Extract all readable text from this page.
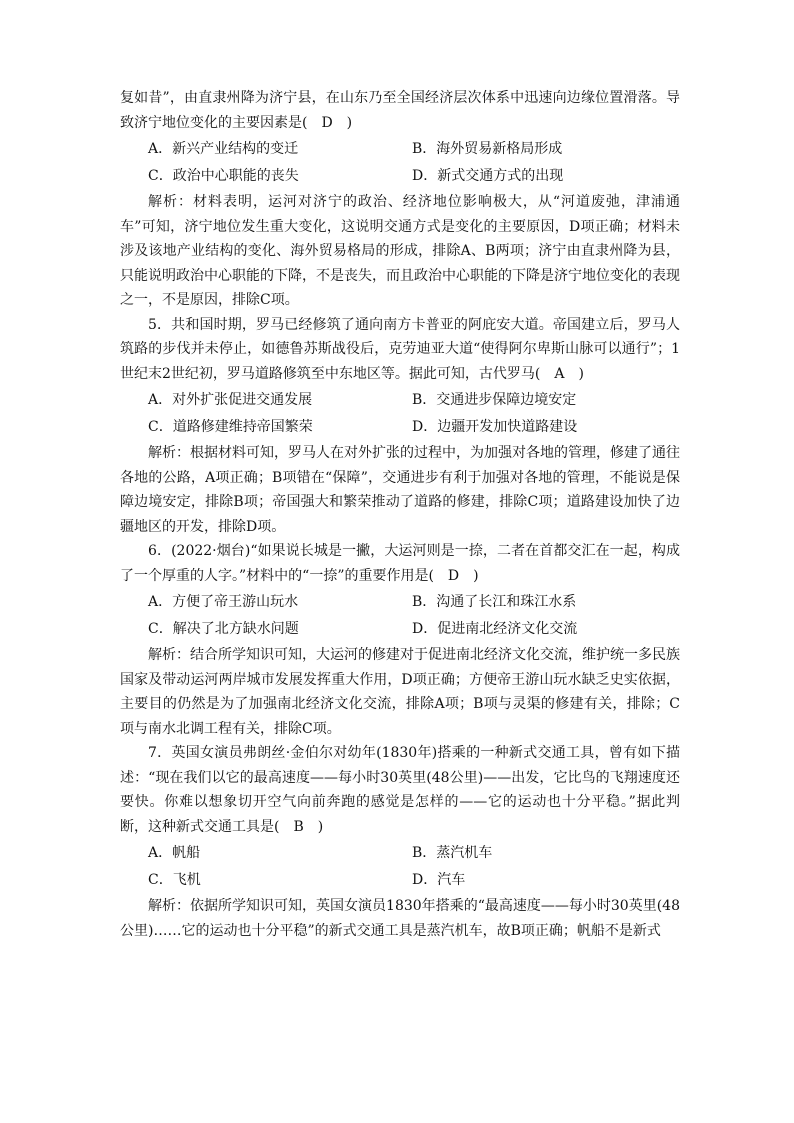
复如昔”，由直隶州降为济宁县，在山东乃至全国经济层次体系中迅速向边缘位置滑落。导致济宁地位变化的主要因素是(　D　)

A．新兴产业结构的变迁	B．海外贸易新格局形成
C．政治中心职能的丧失	D．新式交通方式的出现

解析：材料表明，运河对济宁的政治、经济地位影响极大，从“河道废弛，津浦通车”可知，济宁地位发生重大变化，这说明交通方式是变化的主要原因，D项正确；材料未涉及该地产业结构的变化、海外贸易格局的形成，排除A、B两项；济宁由直隶州降为县，只能说明政治中心职能的下降，不是丧失，而且政治中心职能的下降是济宁地位变化的表现之一，不是原因，排除C项。

5．共和国时期，罗马已经修筑了通向南方卡普亚的阿庇安大道。帝国建立后，罗马人筑路的步伐并未停止，如德鲁苏斯战役后，克劳迪亚大道“使得阿尔卑斯山脉可以通行”；1世纪末2世纪初，罗马道路修筑至中东地区等。据此可知，古代罗马(　A　)

A．对外扩张促进交通发展	B．交通进步保障边境安定
C．道路修建维持帝国繁荣	D．边疆开发加快道路建设

解析：根据材料可知，罗马人在对外扩张的过程中，为加强对各地的管理，修建了通往各地的公路，A项正确；B项错在“保障”，交通进步有利于加强对各地的管理，不能说是保障边境安定，排除B项；帝国强大和繁荣推动了道路的修建，排除C项；道路建设加快了边疆地区的开发，排除D项。

6．(2022·烟台)“如果说长城是一撇，大运河则是一捺，二者在首都交汇在一起，构成了一个厚重的人字。”材料中的“一捺”的重要作用是(　D　)

A．方便了帝王游山玩水	B．沟通了长江和珠江水系
C．解决了北方缺水问题	D．促进南北经济文化交流

解析：结合所学知识可知，大运河的修建对于促进南北经济文化交流，维护统一多民族国家及带动运河两岸城市发展发挥重大作用，D项正确；方便帝王游山玩水缺乏史实依据，主要目的仍然是为了加强南北经济文化交流，排除A项；B项与灵渠的修建有关，排除；C项与南水北调工程有关，排除C项。

7．英国女演员弗朗丝·金伯尔对幼年(1830年)搭乘的一种新式交通工具，曾有如下描述：“现在我们以它的最高速度——每小时30英里(48公里)——出发，它比鸟的飞翔速度还要快。你难以想象切开空气向前奔跑的感觉是怎样的——它的运动也十分平稳。”据此判断，这种新式交通工具是(　B　)

A．帆船	B．蒸汽机车
C．飞机	D．汽车

解析：依据所学知识可知，英国女演员1830年搭乘的“最高速度——每小时30英里(48公里)……它的运动也十分平稳”的新式交通工具是蒸汽机车，故B项正确；帆船不是新式
